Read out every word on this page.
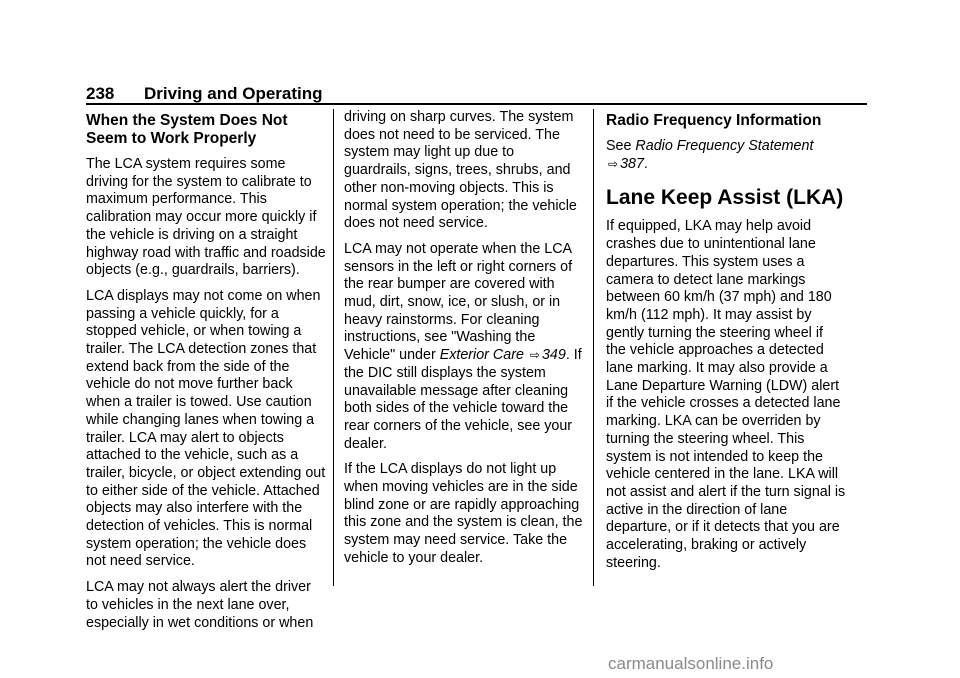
238 Driving and Operating
When the System Does Not Seem to Work Properly

The LCA system requires some driving for the system to calibrate to maximum performance. This calibration may occur more quickly if the vehicle is driving on a straight highway road with traffic and roadside objects (e.g., guardrails, barriers).

LCA displays may not come on when passing a vehicle quickly, for a stopped vehicle, or when towing a trailer. The LCA detection zones that extend back from the side of the vehicle do not move further back when a trailer is towed. Use caution while changing lanes when towing a trailer. LCA may alert to objects attached to the vehicle, such as a trailer, bicycle, or object extending out to either side of the vehicle. Attached objects may also interfere with the detection of vehicles. This is normal system operation; the vehicle does not need service.

LCA may not always alert the driver to vehicles in the next lane over, especially in wet conditions or when

driving on sharp curves. The system does not need to be serviced. The system may light up due to guardrails, signs, trees, shrubs, and other non-moving objects. This is normal system operation; the vehicle does not need service.

LCA may not operate when the LCA sensors in the left or right corners of the rear bumper are covered with mud, dirt, snow, ice, or slush, or in heavy rainstorms. For cleaning instructions, see "Washing the Vehicle" under Exterior Care ⇨ 349. If the DIC still displays the system unavailable message after cleaning both sides of the vehicle toward the rear corners of the vehicle, see your dealer.

If the LCA displays do not light up when moving vehicles are in the side blind zone or are rapidly approaching this zone and the system is clean, the system may need service. Take the vehicle to your dealer.

Radio Frequency Information

See Radio Frequency Statement
⇨ 387.

Lane Keep Assist (LKA)

If equipped, LKA may help avoid crashes due to unintentional lane departures. This system uses a camera to detect lane markings between 60 km/h (37 mph) and 180 km/h (112 mph). It may assist by gently turning the steering wheel if the vehicle approaches a detected lane marking. It may also provide a Lane Departure Warning (LDW) alert if the vehicle crosses a detected lane marking. LKA can be overriden by turning the steering wheel. This system is not intended to keep the vehicle centered in the lane. LKA will not assist and alert if the turn signal is active in the direction of lane departure, or if it detects that you are accelerating, braking or actively steering.

carmanualsonline.info
